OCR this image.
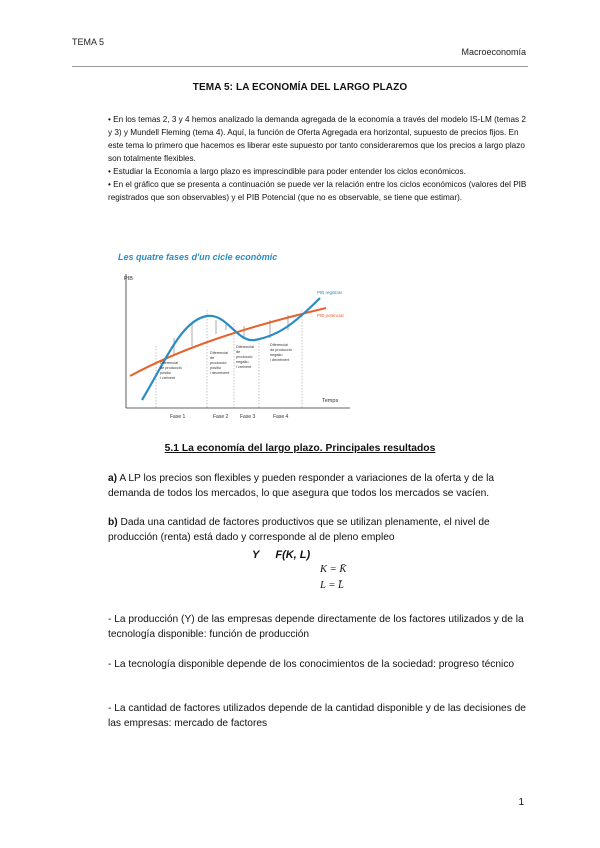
TEMA 5
Macroeconomía
TEMA 5: LA ECONOMÍA DEL LARGO PLAZO

• En los temas 2, 3 y 4 hemos analizado la demanda agregada de la economía a través del modelo IS-LM (temas 2 y 3) y Mundell Fleming (tema 4). Aquí, la función de Oferta Agregada era horizontal, supuesto de precios fijos. En este tema lo primero que hacemos es liberar este supuesto por tanto consideraremos que los precios a largo plazo son totalmente flexibles.

• Estudiar la Economía a largo plazo es imprescindible para poder entender los ciclos económicos.

• En el gráfico que se presenta a continuación se puede ver la relación entre los ciclos económicos (valores del PIB registrados que son observables) y el PIB Potencial (que no es observable, se tiene que estimar).

Les quatre fases d'un cicle econòmic
PIB
Temps
PIB registrat
PIB potencial
Diferencial de producció positiu i creixent
Diferencial de producció positiu i decreixent
Diferencial de producció negatiu i creixent
Diferencial de producció negatiu i decreixent
Fase 1	Fase 2 Fase 3	Fase 4
5.1 La economía del largo plazo. Principales resultados

a) A LP los precios son flexibles y pueden responder a variaciones de la oferta y de la demanda de todos los mercados, lo que asegura que todos los mercados se vacíen.

b) Dada una cantidad de factores productivos que se utilizan plenamente, el nivel de producción (renta) está dado y corresponde al de pleno empleo

Y F(K, L)
K = K̄
L = L̄
- La producción (Y) de las empresas depende directamente de los factores utilizados y de la tecnología disponible: función de producción
- La tecnología disponible depende de los conocimientos de la sociedad: progreso técnico
- La cantidad de factores utilizados depende de la cantidad disponible y de las decisiones de las empresas: mercado de factores
1
